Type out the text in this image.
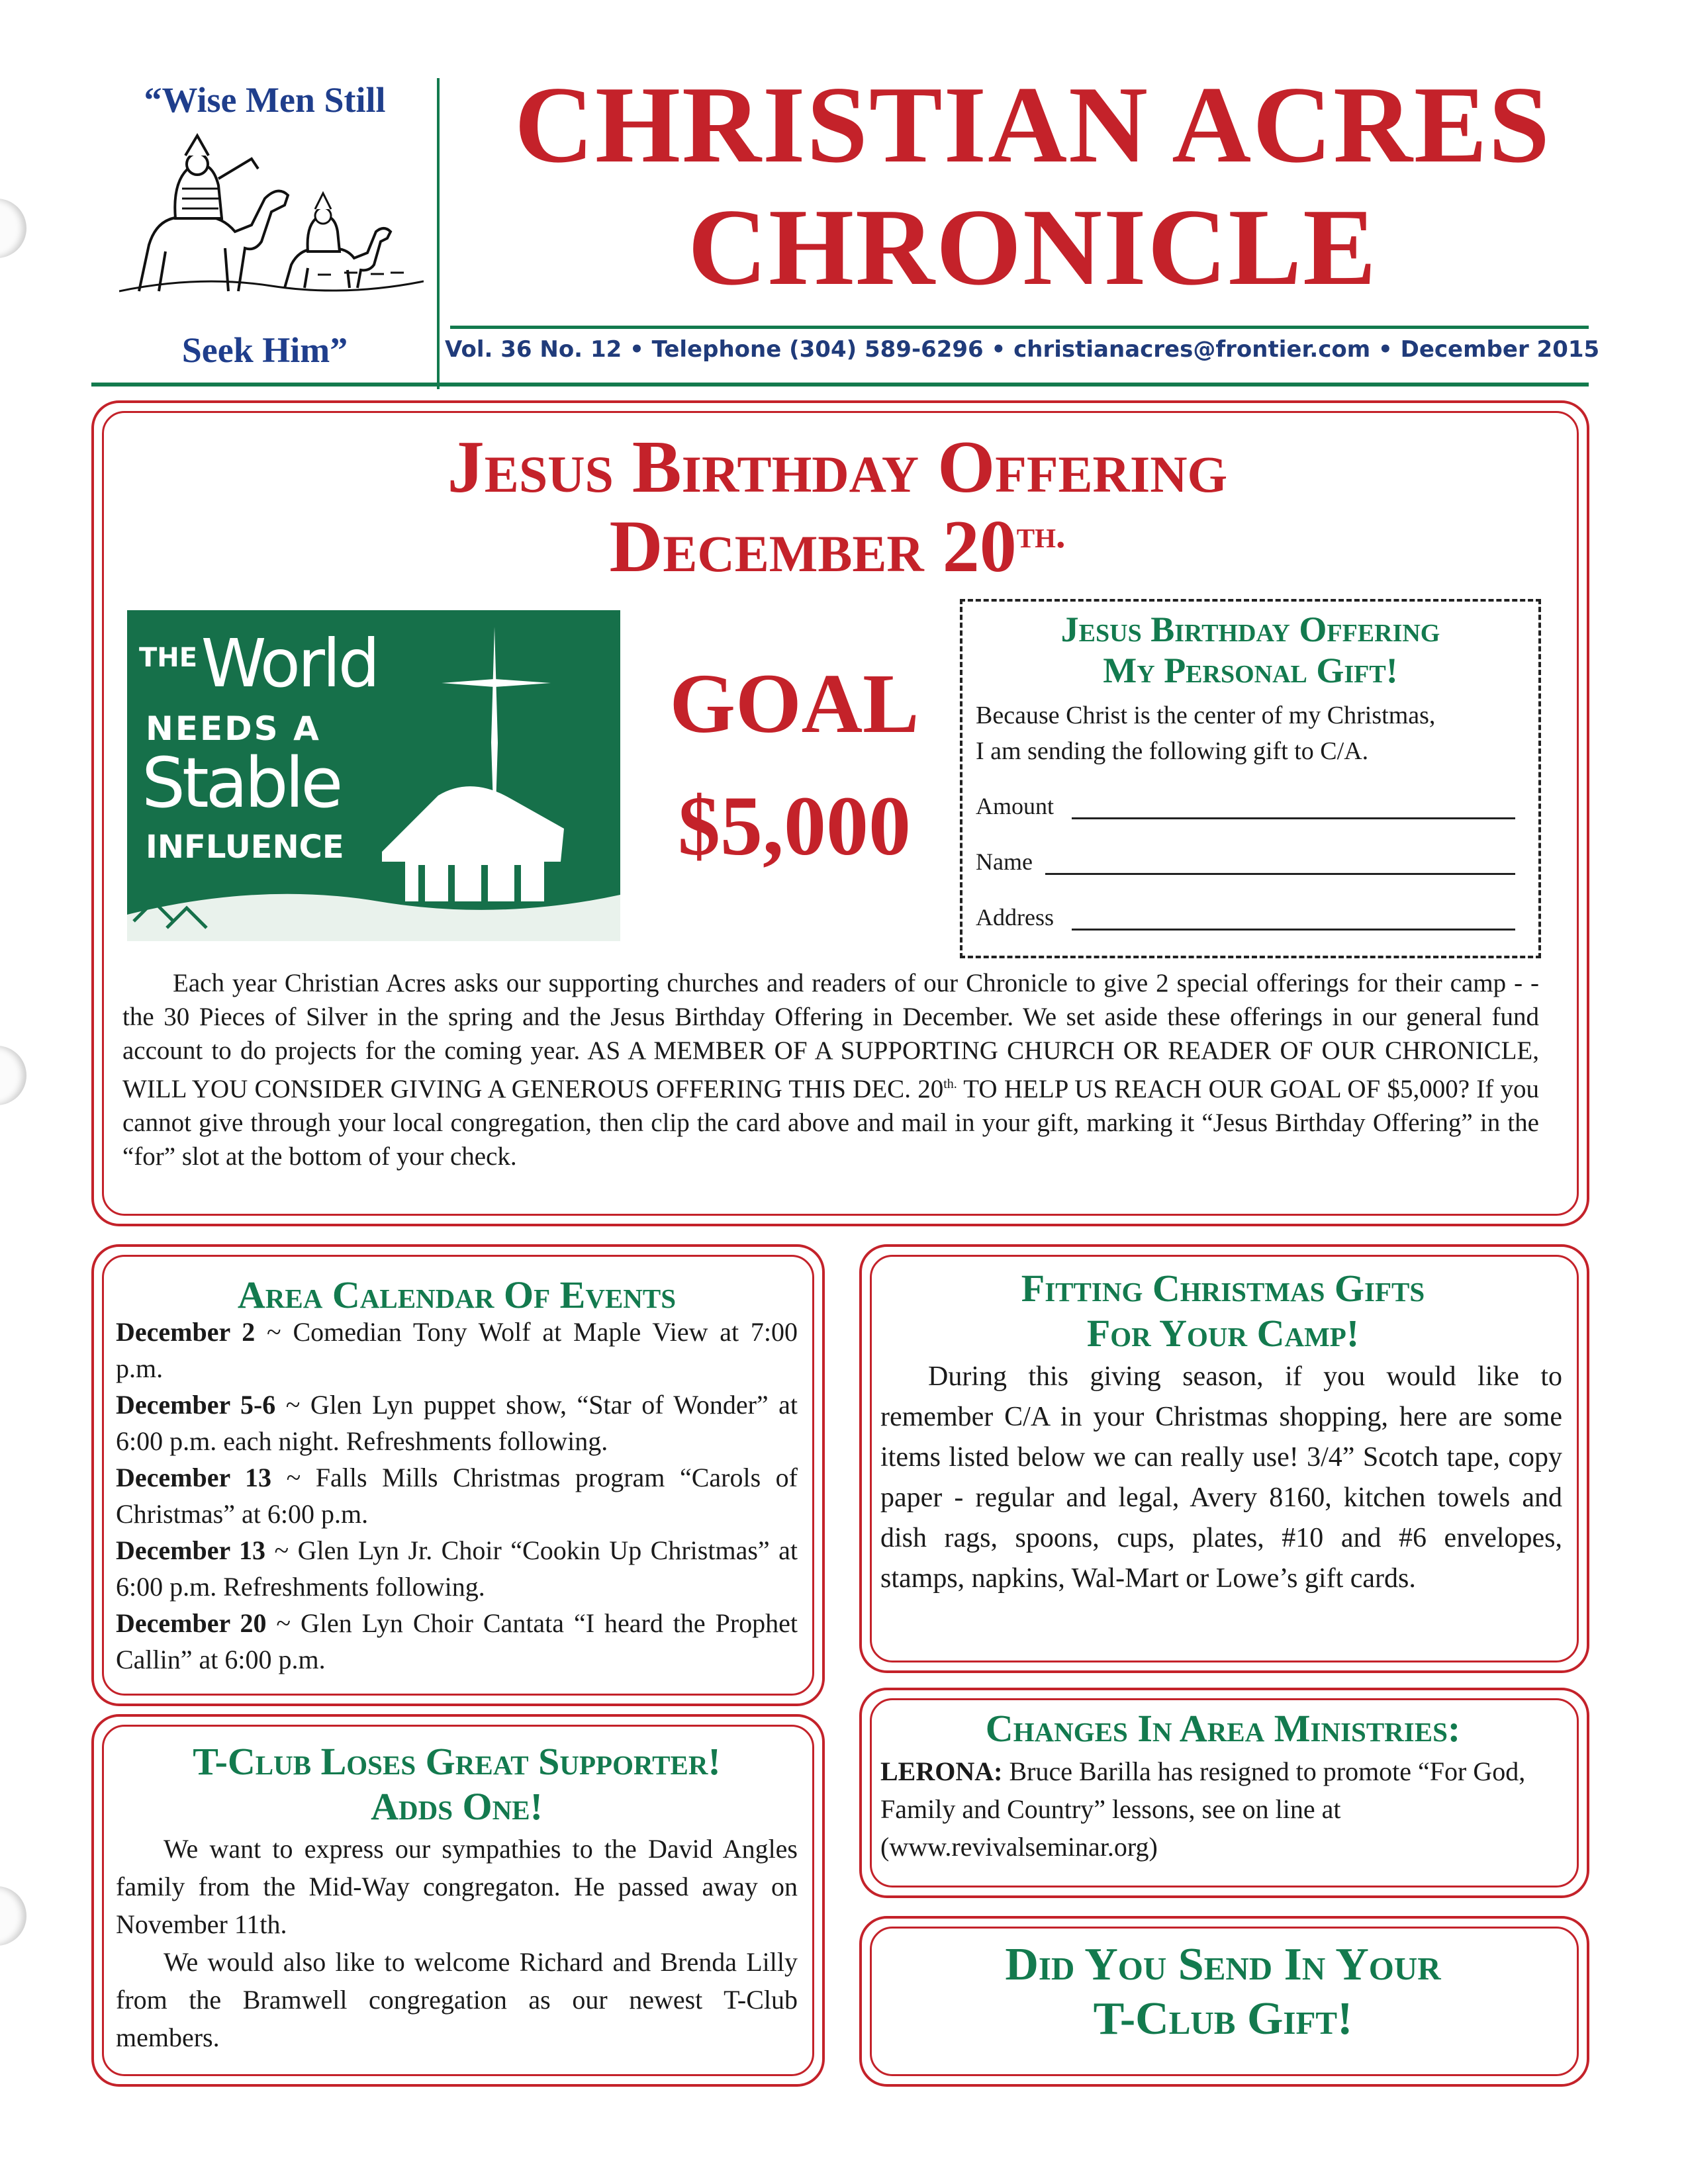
“Wise Men Still
Seek Him”
CHRISTIAN ACRES
CHRONICLE
Vol. 36 No. 12 • Telephone (304) 589-6296 • christianacres@frontier.com • December 2015
Jesus Birthday Offering
December $20^{th.}$
THE World
NEEDS A
Stable
INFLUENCE
GOAL
$5,000
Jesus Birthday Offering
My Personal Gift!
Because Christ is the center of my Christmas,
I am sending the following gift to C/A.
Amount
Name
Address
Each year Christian Acres asks our supporting churches and readers of our Chronicle to give 2 special offerings for their camp - - the 30 Pieces of Silver in the spring and the Jesus Birthday Offering in December. We set aside these offerings in our general fund account to do projects for the coming year. AS A MEMBER OF A SUPPORTING CHURCH OR READER OF OUR CHRONICLE, WILL YOU CONSIDER GIVING A GENEROUS OFFERING THIS DEC. $20^{th.}$ TO HELP US REACH OUR GOAL OF $5,000? If you cannot give through your local congregation, then clip the card above and mail in your gift, marking it “Jesus Birthday Offering” in the “for” slot at the bottom of your check.
Area Calendar Of Events
December 2 ~ Comedian Tony Wolf at Maple View at 7:00 p.m.
December 5-6 ~ Glen Lyn puppet show, “Star of Wonder” at 6:00 p.m. each night. Refreshments following.
December 13 ~ Falls Mills Christmas program “Carols of Christmas” at 6:00 p.m.
December 13 ~ Glen Lyn Jr. Choir “Cookin Up Christmas” at 6:00 p.m. Refreshments following.
December 20 ~ Glen Lyn Choir Cantata “I heard the Prophet Callin” at 6:00 p.m.
Fitting Christmas Gifts
For Your Camp!
During this giving season, if you would like to remember C/A in your Christmas shopping, here are some items listed below we can really use! 3/4” Scotch tape, copy paper - regular and legal, Avery 8160, kitchen towels and dish rags, spoons, cups, plates, #10 and #6 envelopes, stamps, napkins, Wal-Mart or Lowe’s gift cards.
T-Club Loses Great Supporter!
Adds One!
We want to express our sympathies to the David Angles family from the Mid-Way congregaton. He passed away on November 11th.
We would also like to welcome Richard and Brenda Lilly from the Bramwell congregation as our newest T-Club members.
Changes In Area Ministries:
LERONA: Bruce Barilla has resigned to promote “For God, Family and Country” lessons, see on line at (www.revivalseminar.org)
Did You Send In Your
T-Club Gift!
